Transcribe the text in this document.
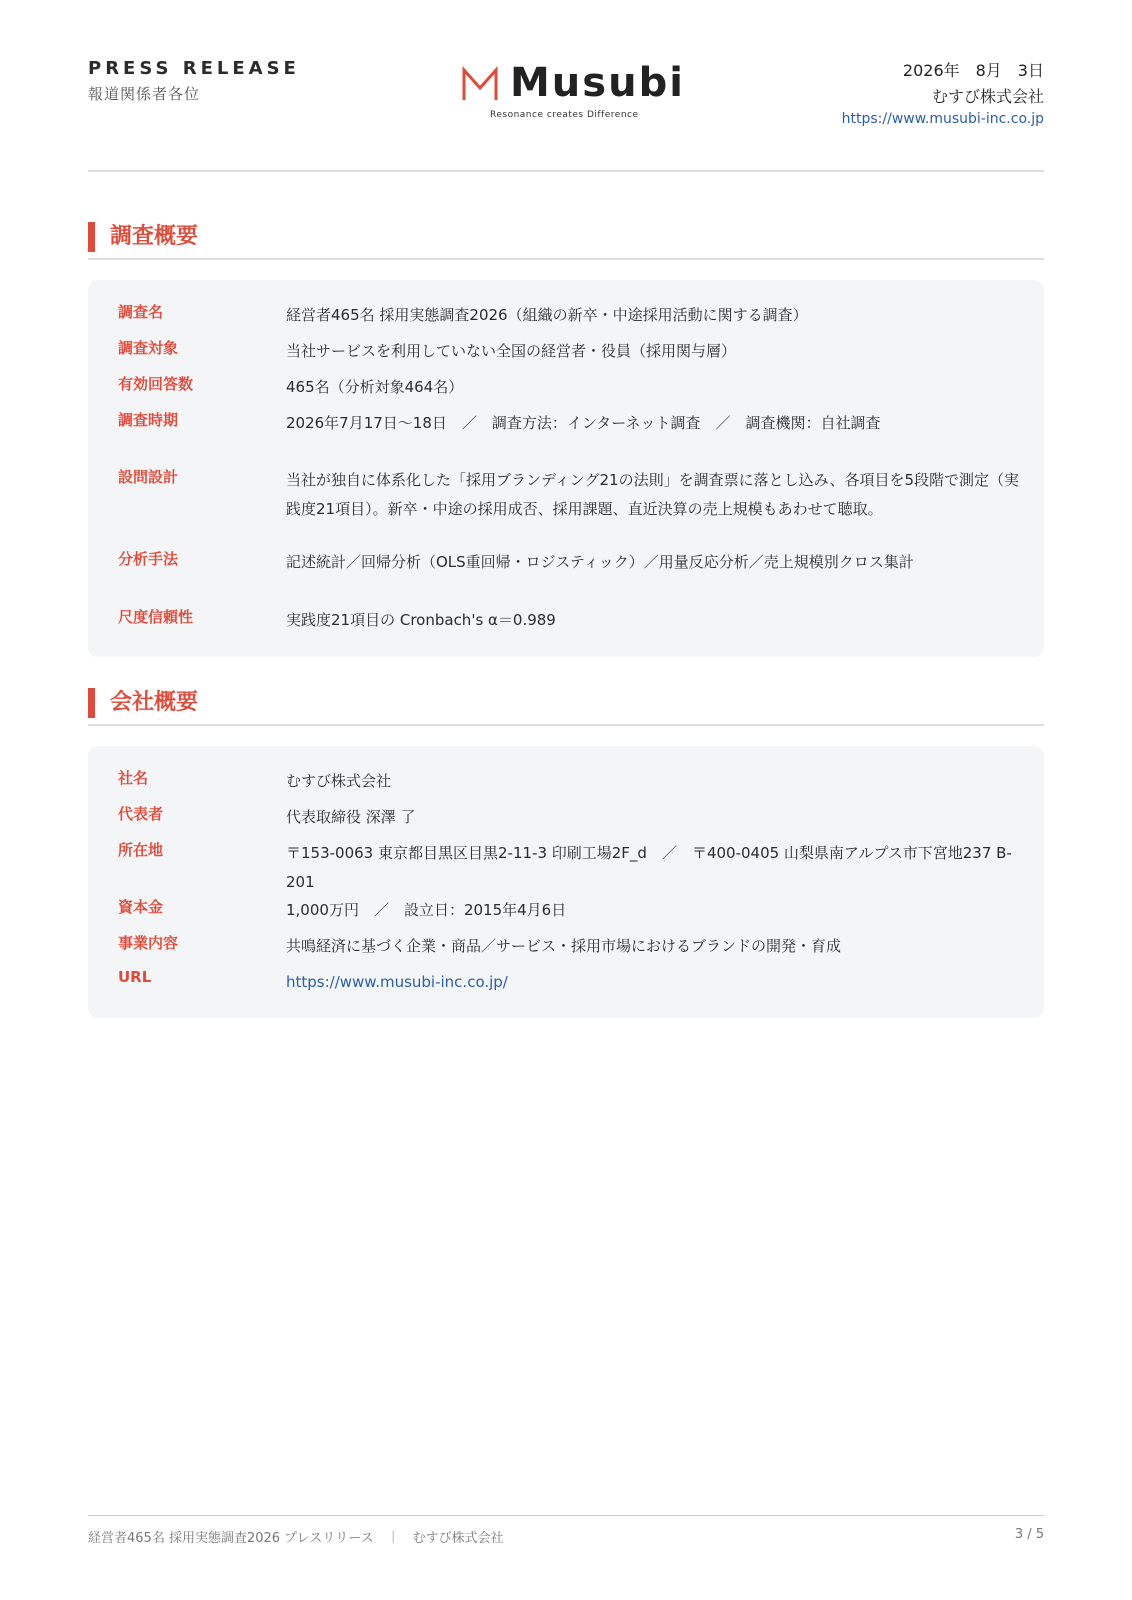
PRESS RELEASE
報道関係者各位	Musubi
Resonance creates Difference
2026年　8月　3日
むすび株式会社
https://www.musubi-inc.co.jp
調査概要
調査名	経営者465名 採用実態調査2026（組織の新卒・中途採用活動に関する調査）
調査対象	当社サービスを利用していない全国の経営者・役員（採用関与層）
有効回答数	465名（分析対象464名）
調査時期	2026年7月17日～18日　／　調査方法：インターネット調査　／　調査機関：自社調査
設問設計	当社が独自に体系化した「採用ブランディング21の法則」を調査票に落とし込み、各項目を5段階で測定（実践度21項目）。新卒・中途の採用成否、採用課題、直近決算の売上規模もあわせて聴取。
分析手法	記述統計／回帰分析（OLS重回帰・ロジスティック）／用量反応分析／売上規模別クロス集計
尺度信頼性	実践度21項目の Cronbach's α＝0.989
会社概要
社名	むすび株式会社
代表者	代表取締役 深澤 了
所在地	〒153-0063 東京都目黒区目黒2-11-3 印刷工場2F_d　／　〒400-0405 山梨県南アルプス市下宮地237 B-201
資本金	1,000万円　／　設立日：2015年4月6日
事業内容	共鳴経済に基づく企業・商品／サービス・採用市場におけるブランドの開発・育成
URL	https://www.musubi-inc.co.jp/
経営者465名 採用実態調査2026 プレスリリース　｜　むすび株式会社	3 / 5
